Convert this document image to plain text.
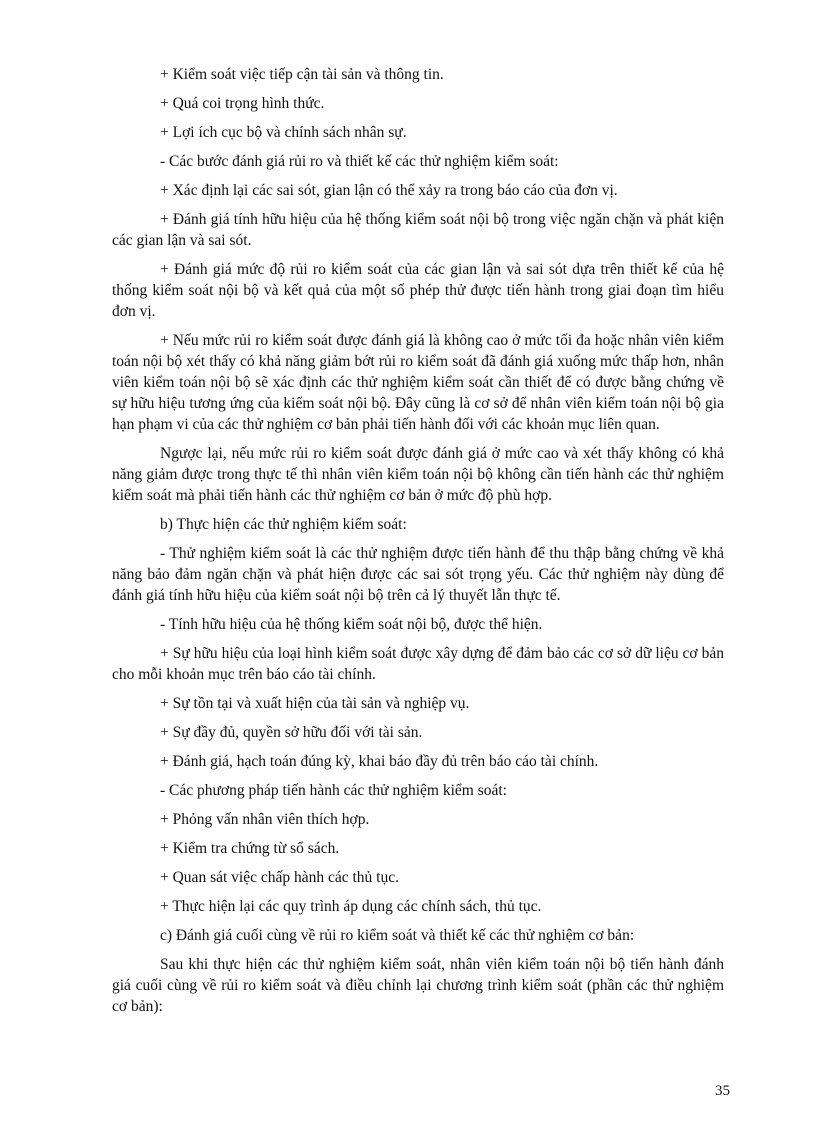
+ Kiểm soát việc tiếp cận tài sản và thông tin.

+ Quá coi trọng hình thức.

+ Lợi ích cục bộ và chính sách nhân sự.

- Các bước đánh giá rủi ro và thiết kế các thử nghiệm kiểm soát:

+ Xác định lại các sai sót, gian lận có thể xảy ra trong báo cáo của đơn vị.

+ Đánh giá tính hữu hiệu của hệ thống kiểm soát nội bộ trong việc ngăn chặn và phát kiện các gian lận và sai sót.

+ Đánh giá mức độ rủi ro kiểm soát của các gian lận và sai sót dựa trên thiết kế của hệ thống kiểm soát nội bộ và kết quả của một số phép thử được tiến hành trong giai đoạn tìm hiểu đơn vị.

+ Nếu mức rủi ro kiểm soát được đánh giá là không cao ở mức tối đa hoặc nhân viên kiểm toán nội bộ xét thấy có khả năng giảm bớt rủi ro kiểm soát đã đánh giá xuống mức thấp hơn, nhân viên kiểm toán nội bộ sẽ xác định các thử nghiệm kiểm soát cần thiết để có được bằng chứng về sự hữu hiệu tương ứng của kiểm soát nội bộ. Đây cũng là cơ sở để nhân viên kiểm toán nội bộ gia hạn phạm vi của các thử nghiệm cơ bản phải tiến hành đối với các khoản mục liên quan.

Ngược lại, nếu mức rủi ro kiểm soát được đánh giá ở mức cao và xét thấy không có khả năng giảm được trong thực tế thì nhân viên kiểm toán nội bộ không cần tiến hành các thử nghiệm kiểm soát mà phải tiến hành các thử nghiệm cơ bản ở mức độ phù hợp.

b) Thực hiện các thử nghiệm kiểm soát:

- Thử nghiệm kiểm soát là các thử nghiệm được tiến hành để thu thập bằng chứng về khả năng bảo đảm ngăn chặn và phát hiện được các sai sót trọng yếu. Các thử nghiệm này dùng để đánh giá tính hữu hiệu của kiểm soát nội bộ trên cả lý thuyết lẫn thực tế.

- Tính hữu hiệu của hệ thống kiểm soát nội bộ, được thể hiện.

+ Sự hữu hiệu của loại hình kiểm soát được xây dựng để đảm bảo các cơ sở dữ liệu cơ bản cho mỗi khoản mục trên báo cáo tài chính.

+ Sự tồn tại và xuất hiện của tài sản và nghiệp vụ.

+ Sự đầy đủ, quyền sở hữu đối với tài sản.

+ Đánh giá, hạch toán đúng kỳ, khai báo đầy đủ trên báo cáo tài chính.

- Các phương pháp tiến hành các thử nghiệm kiểm soát:

+ Phỏng vấn nhân viên thích hợp.

+ Kiểm tra chứng từ sổ sách.

+ Quan sát việc chấp hành các thủ tục.

+ Thực hiện lại các quy trình áp dụng các chính sách, thủ tục.

c) Đánh giá cuối cùng về rủi ro kiểm soát và thiết kế các thử nghiệm cơ bản:

Sau khi thực hiện các thử nghiệm kiểm soát, nhân viên kiểm toán nội bộ tiến hành đánh giá cuối cùng về rủi ro kiểm soát và điều chỉnh lại chương trình kiểm soát (phần các thử nghiệm cơ bản):

35
